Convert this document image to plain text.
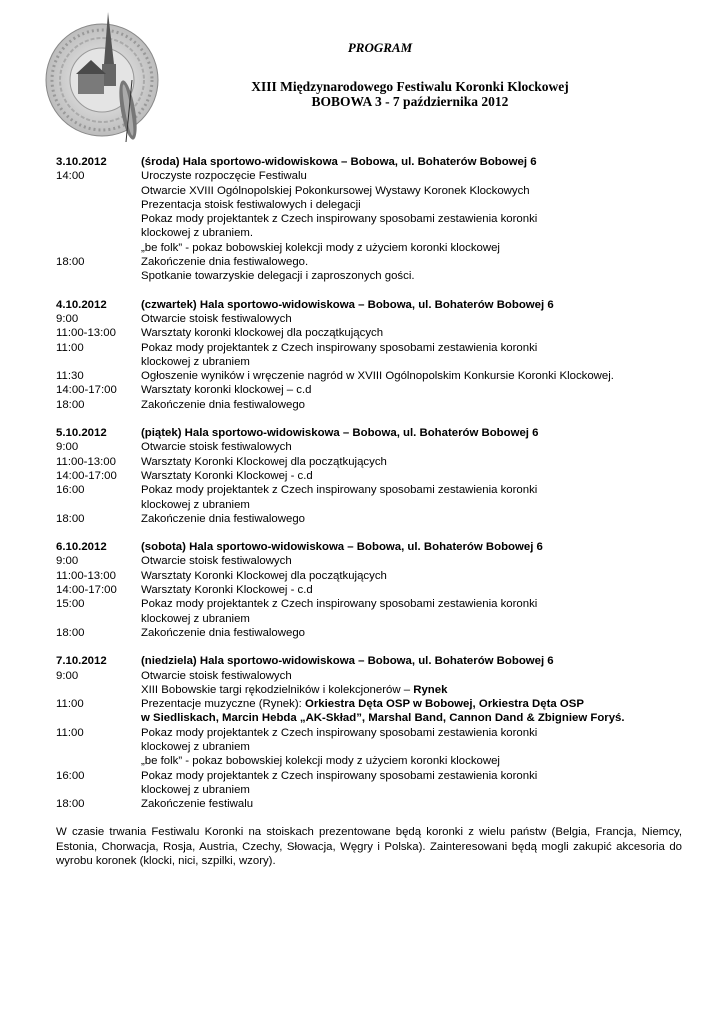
PROGRAM
XIII Międzynarodowego Festiwalu Koronki Klockowej
BOBOWA 3 - 7 października 2012
3.10.2012	(środa) Hala sportowo-widowiskowa – Bobowa, ul. Bohaterów Bobowej 6
14:00	Uroczyste rozpoczęcie Festiwalu
Otwarcie XVIII Ogólnopolskiej Pokonkursowej Wystawy Koronek Klockowych
Prezentacja stoisk festiwalowych i delegacji
Pokaz mody projektantek z Czech inspirowany sposobami zestawienia koronki
klockowej z ubraniem.
„be folk” - pokaz bobowskiej kolekcji mody z użyciem koronki klockowej
18:00	Zakończenie dnia festiwalowego.
Spotkanie towarzyskie delegacji i zaproszonych gości.
4.10.2012	(czwartek) Hala sportowo-widowiskowa – Bobowa, ul. Bohaterów Bobowej 6
9:00	Otwarcie stoisk festiwalowych
11:00-13:00	Warsztaty koronki klockowej dla początkujących
11:00	Pokaz mody projektantek z Czech inspirowany sposobami zestawienia koronki
klockowej z ubraniem
11:30	Ogłoszenie wyników i wręczenie nagród w XVIII Ogólnopolskim Konkursie Koronki Klockowej.
14:00-17:00	Warsztaty koronki klockowej – c.d
18:00	Zakończenie dnia festiwalowego
5.10.2012	(piątek) Hala sportowo-widowiskowa – Bobowa, ul. Bohaterów Bobowej 6
9:00	Otwarcie stoisk festiwalowych
11:00-13:00	Warsztaty Koronki Klockowej dla początkujących
14:00-17:00	Warsztaty Koronki Klockowej - c.d
16:00	Pokaz mody projektantek z Czech inspirowany sposobami zestawienia koronki
klockowej z ubraniem
18:00	Zakończenie dnia festiwalowego
6.10.2012	(sobota) Hala sportowo-widowiskowa – Bobowa, ul. Bohaterów Bobowej 6
9:00	Otwarcie stoisk festiwalowych
11:00-13:00	Warsztaty Koronki Klockowej dla początkujących
14:00-17:00	Warsztaty Koronki Klockowej - c.d
15:00	Pokaz mody projektantek z Czech inspirowany sposobami zestawienia koronki
klockowej z ubraniem
18:00	Zakończenie dnia festiwalowego
7.10.2012	(niedziela) Hala sportowo-widowiskowa – Bobowa, ul. Bohaterów Bobowej 6
9:00	Otwarcie stoisk festiwalowych
XIII Bobowskie targi rękodzielników i kolekcjonerów – Rynek
11:00	Prezentacje muzyczne (Rynek): Orkiestra Dęta OSP w Bobowej, Orkiestra Dęta OSP
w Siedliskach, Marcin Hebda „AK-Skład”, Marshal Band, Cannon Dand & Zbigniew Foryś.
11:00	Pokaz mody projektantek z Czech inspirowany sposobami zestawienia koronki
klockowej z ubraniem
„be folk” - pokaz bobowskiej kolekcji mody z użyciem koronki klockowej
16:00	Pokaz mody projektantek z Czech inspirowany sposobami zestawienia koronki
klockowej z ubraniem
18:00	Zakończenie festiwalu
W czasie trwania Festiwalu Koronki na stoiskach prezentowane będą koronki z wielu państw (Belgia, Francja, Niemcy, Estonia, Chorwacja, Rosja, Austria, Czechy, Słowacja, Węgry i Polska). Zainteresowani będą mogli zakupić akcesoria do wyrobu koronek (klocki, nici, szpilki, wzory).
